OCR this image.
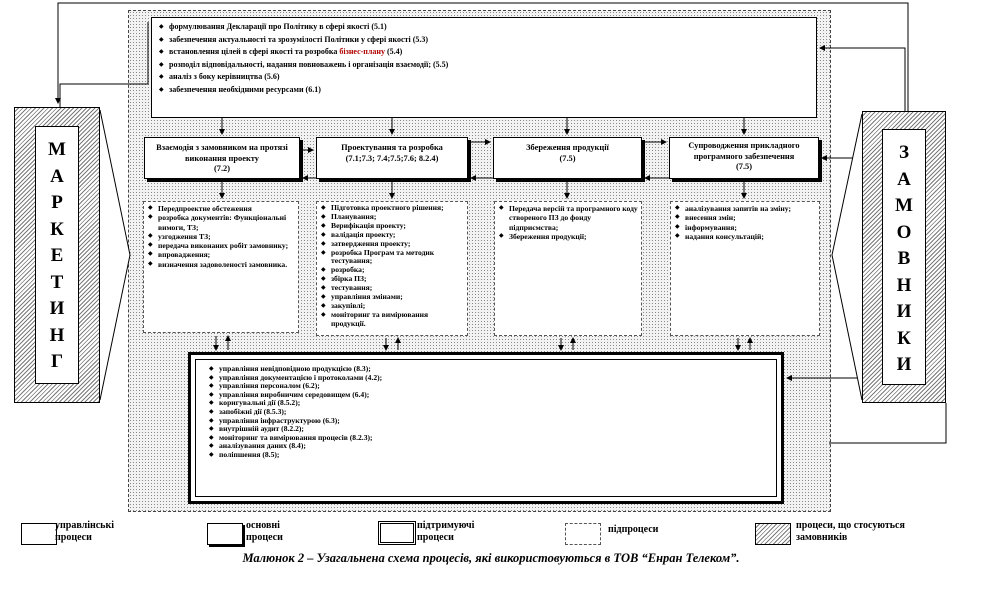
◆ формулювання Декларації про Політику в сфері якості (5.1)
◆ забезпечення актуальності та зрозумілості Політики у сфері якості (5.3)
◆ встановлення цілей в сфері якості та розробка бізнес-плану (5.4)
◆ розподіл відповідальності, надання повноважень і організація взаємодії; (5.5)
◆ аналіз з боку керівництва (5.6)
◆ забезпечення необхідними ресурсами (6.1)
Взаємодія з замовником на протязі виконання проекту
(7.2)
Проектування та розробка
(7.1;7.3; 7.4;7.5;7.6; 8.2.4)
Збереження продукції
(7.5)
Супроводження прикладного програмного забезпечення
(7.5)
◆ Передпроектне обстеження
◆ розробка документів: Функціональні вимоги, ТЗ;
◆ узгодження ТЗ;
◆ передача виконаних робіт замовнику;
◆ впровадження;
◆ визначення задоволеності замовника.
◆ Підготовка проектного рішення;
◆ Планування;
◆ Верифікація проекту;
◆ валідація проекту;
◆ затвердження проекту;
◆ розробка Програм та методик тестування;
◆ розробка;
◆ збірка ПЗ;
◆ тестування;
◆ управління змінами;
◆ закупівлі;
◆ моніторинг та вимірювання продукції.
◆ Передача версій та програмного коду створеного ПЗ до фонду підприємства;
◆ Збереження продукції;
◆ аналізування запитів на зміну;
◆ внесення змін;
◆ інформування;
◆ надання консультацій;
◆ управління невідповідною продукцією (8.3);
◆ управління документацією і протоколами (4.2);
◆ управління персоналом (6.2);
◆ управління виробничим середовищем (6.4);
◆ коригувальні дії (8.5.2);
◆ запобіжні дії (8.5.3);
◆ управління інфраструктурою (6.3);
◆ внутрішній аудит (8.2.2);
◆ моніторинг та вимірювання процесів (8.2.3);
◆ аналізування даних (8.4);
◆ поліпшення (8.5);
М
А
Р
К
Е
Т
И
Н
Г
З
А
М
О
В
Н
И
К
И
управлінські процеси
основні процеси
підтримуючі процеси
підпроцеси	процеси, що стосуються замовників
Малюнок 2 – Узагальнена схема процесів, які використовуються в ТОВ “Енран Телеком”.
